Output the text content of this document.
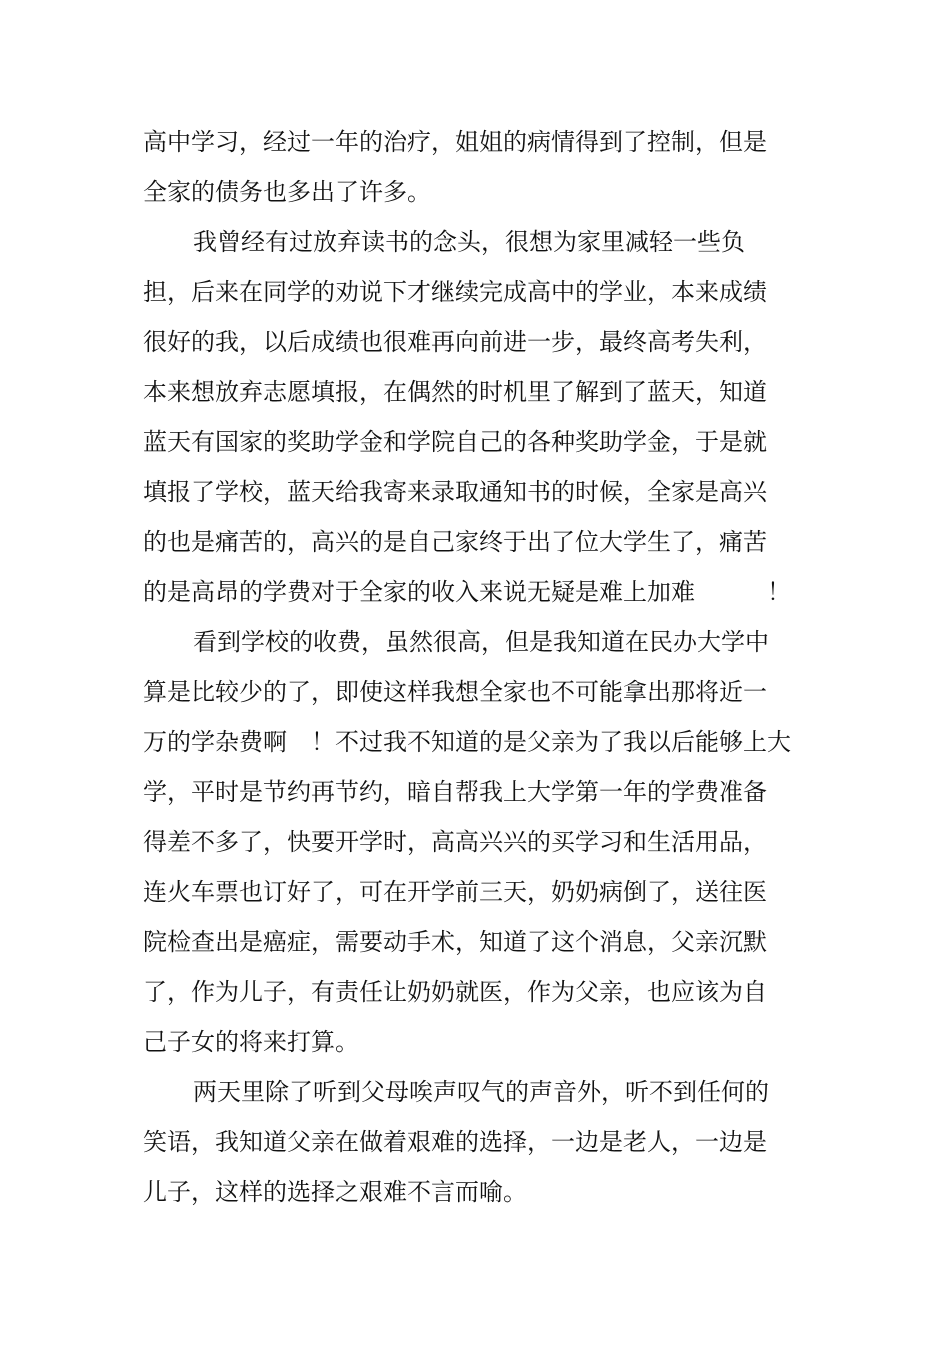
高中学习，经过一年的治疗，姐姐的病情得到了控制，但是
全家的债务也多出了许多。
我曾经有过放弃读书的念头，很想为家里减轻一些负
担，后来在同学的劝说下才继续完成高中的学业，本来成绩
很好的我，以后成绩也很难再向前进一步，最终高考失利，
本来想放弃志愿填报，在偶然的时机里了解到了蓝天，知道
蓝天有国家的奖助学金和学院自己的各种奖助学金，于是就
填报了学校，蓝天给我寄来录取通知书的时候，全家是高兴
的也是痛苦的，高兴的是自己家终于出了位大学生了，痛苦
的是高昂的学费对于全家的收入来说无疑是难上加难　　　！
看到学校的收费，虽然很高，但是我知道在民办大学中
算是比较少的了，即使这样我想全家也不可能拿出那将近一
万的学杂费啊　！不过我不知道的是父亲为了我以后能够上大
学，平时是节约再节约，暗自帮我上大学第一年的学费准备
得差不多了，快要开学时，高高兴兴的买学习和生活用品，
连火车票也订好了，可在开学前三天，奶奶病倒了，送往医
院检查出是癌症，需要动手术，知道了这个消息，父亲沉默
了，作为儿子，有责任让奶奶就医，作为父亲，也应该为自
己子女的将来打算。
两天里除了听到父母唉声叹气的声音外，听不到任何的
笑语，我知道父亲在做着艰难的选择，一边是老人，一边是
儿子，这样的选择之艰难不言而喻。
